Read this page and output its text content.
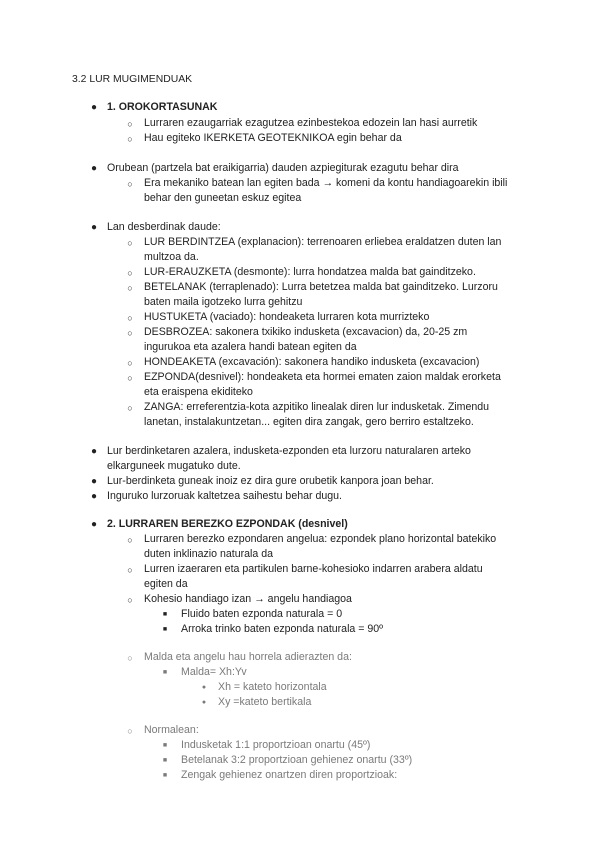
3.2 LUR MUGIMENDUAK
● 1. OROKORTASUNAK
○	Lurraren ezaugarriak ezagutzea ezinbestekoa edozein lan hasi aurretik
○	Hau egiteko IKERKETA GEOTEKNIKOA egin behar da
● Orubean (partzela bat eraikigarria) dauden azpiegiturak ezagutu behar dira
○	Era mekaniko batean lan egiten bada → komeni da kontu handiagoarekin ibili
behar den guneetan eskuz egitea
● Lan desberdinak daude:
○	LUR BERDINTZEA (explanacion): terrenoaren erliebea eraldatzen duten lan
multzoa da.
○	LUR-ERAUZKETA (desmonte): lurra hondatzea malda bat gainditzeko.
○	BETELANAK (terraplenado): Lurra betetzea malda bat gainditzeko. Lurzoru
baten maila igotzeko lurra gehitzu
○	HUSTUKETA (vaciado): hondeaketa lurraren kota murrizteko
○	DESBROZEA: sakonera txikiko indusketa (excavacion) da, 20-25 zm
ingurukoa eta azalera handi batean egiten da
○	HONDEAKETA (excavación): sakonera handiko indusketa (excavacion)
○	EZPONDA(desnivel): hondeaketa eta hormei ematen zaion maldak erorketa
eta eraispena ekiditeko
○	ZANGA: erreferentzia-kota azpitiko linealak diren lur indusketak. Zimendu
lanetan, instalakuntzetan... egiten dira zangak, gero berriro estaltzeko.
● Lur berdinketaren azalera, indusketa-ezponden eta lurzoru naturalaren arteko
elkarguneek mugatuko dute.
● Lur-berdinketa guneak inoiz ez dira gure orubetik kanpora joan behar.
● Inguruko lurzoruak kaltetzea saihestu behar dugu.
● 2. LURRAREN BEREZKO EZPONDAK (desnivel)
○	Lurraren berezko ezpondaren angelua: ezpondek plano horizontal batekiko
duten inklinazio naturala da
○	Lurren izaeraren eta partikulen barne-kohesioko indarren arabera aldatu
egiten da
○	Kohesio handiago izan → angelu handiagoa
■	Fluido baten ezponda naturala = 0
■	Arroka trinko baten ezponda naturala = 90º
○	Malda eta angelu hau horrela adierazten da:
■	Malda= Xh:Yv
●	Xh = kateto horizontala
●	Xy =kateto bertikala
○	Normalean:
■	Indusketak 1:1 proportzioan onartu (45º)
■	Betelanak 3:2 proportzioan gehienez onartu (33º)
■	Zengak gehienez onartzen diren proportzioak:
